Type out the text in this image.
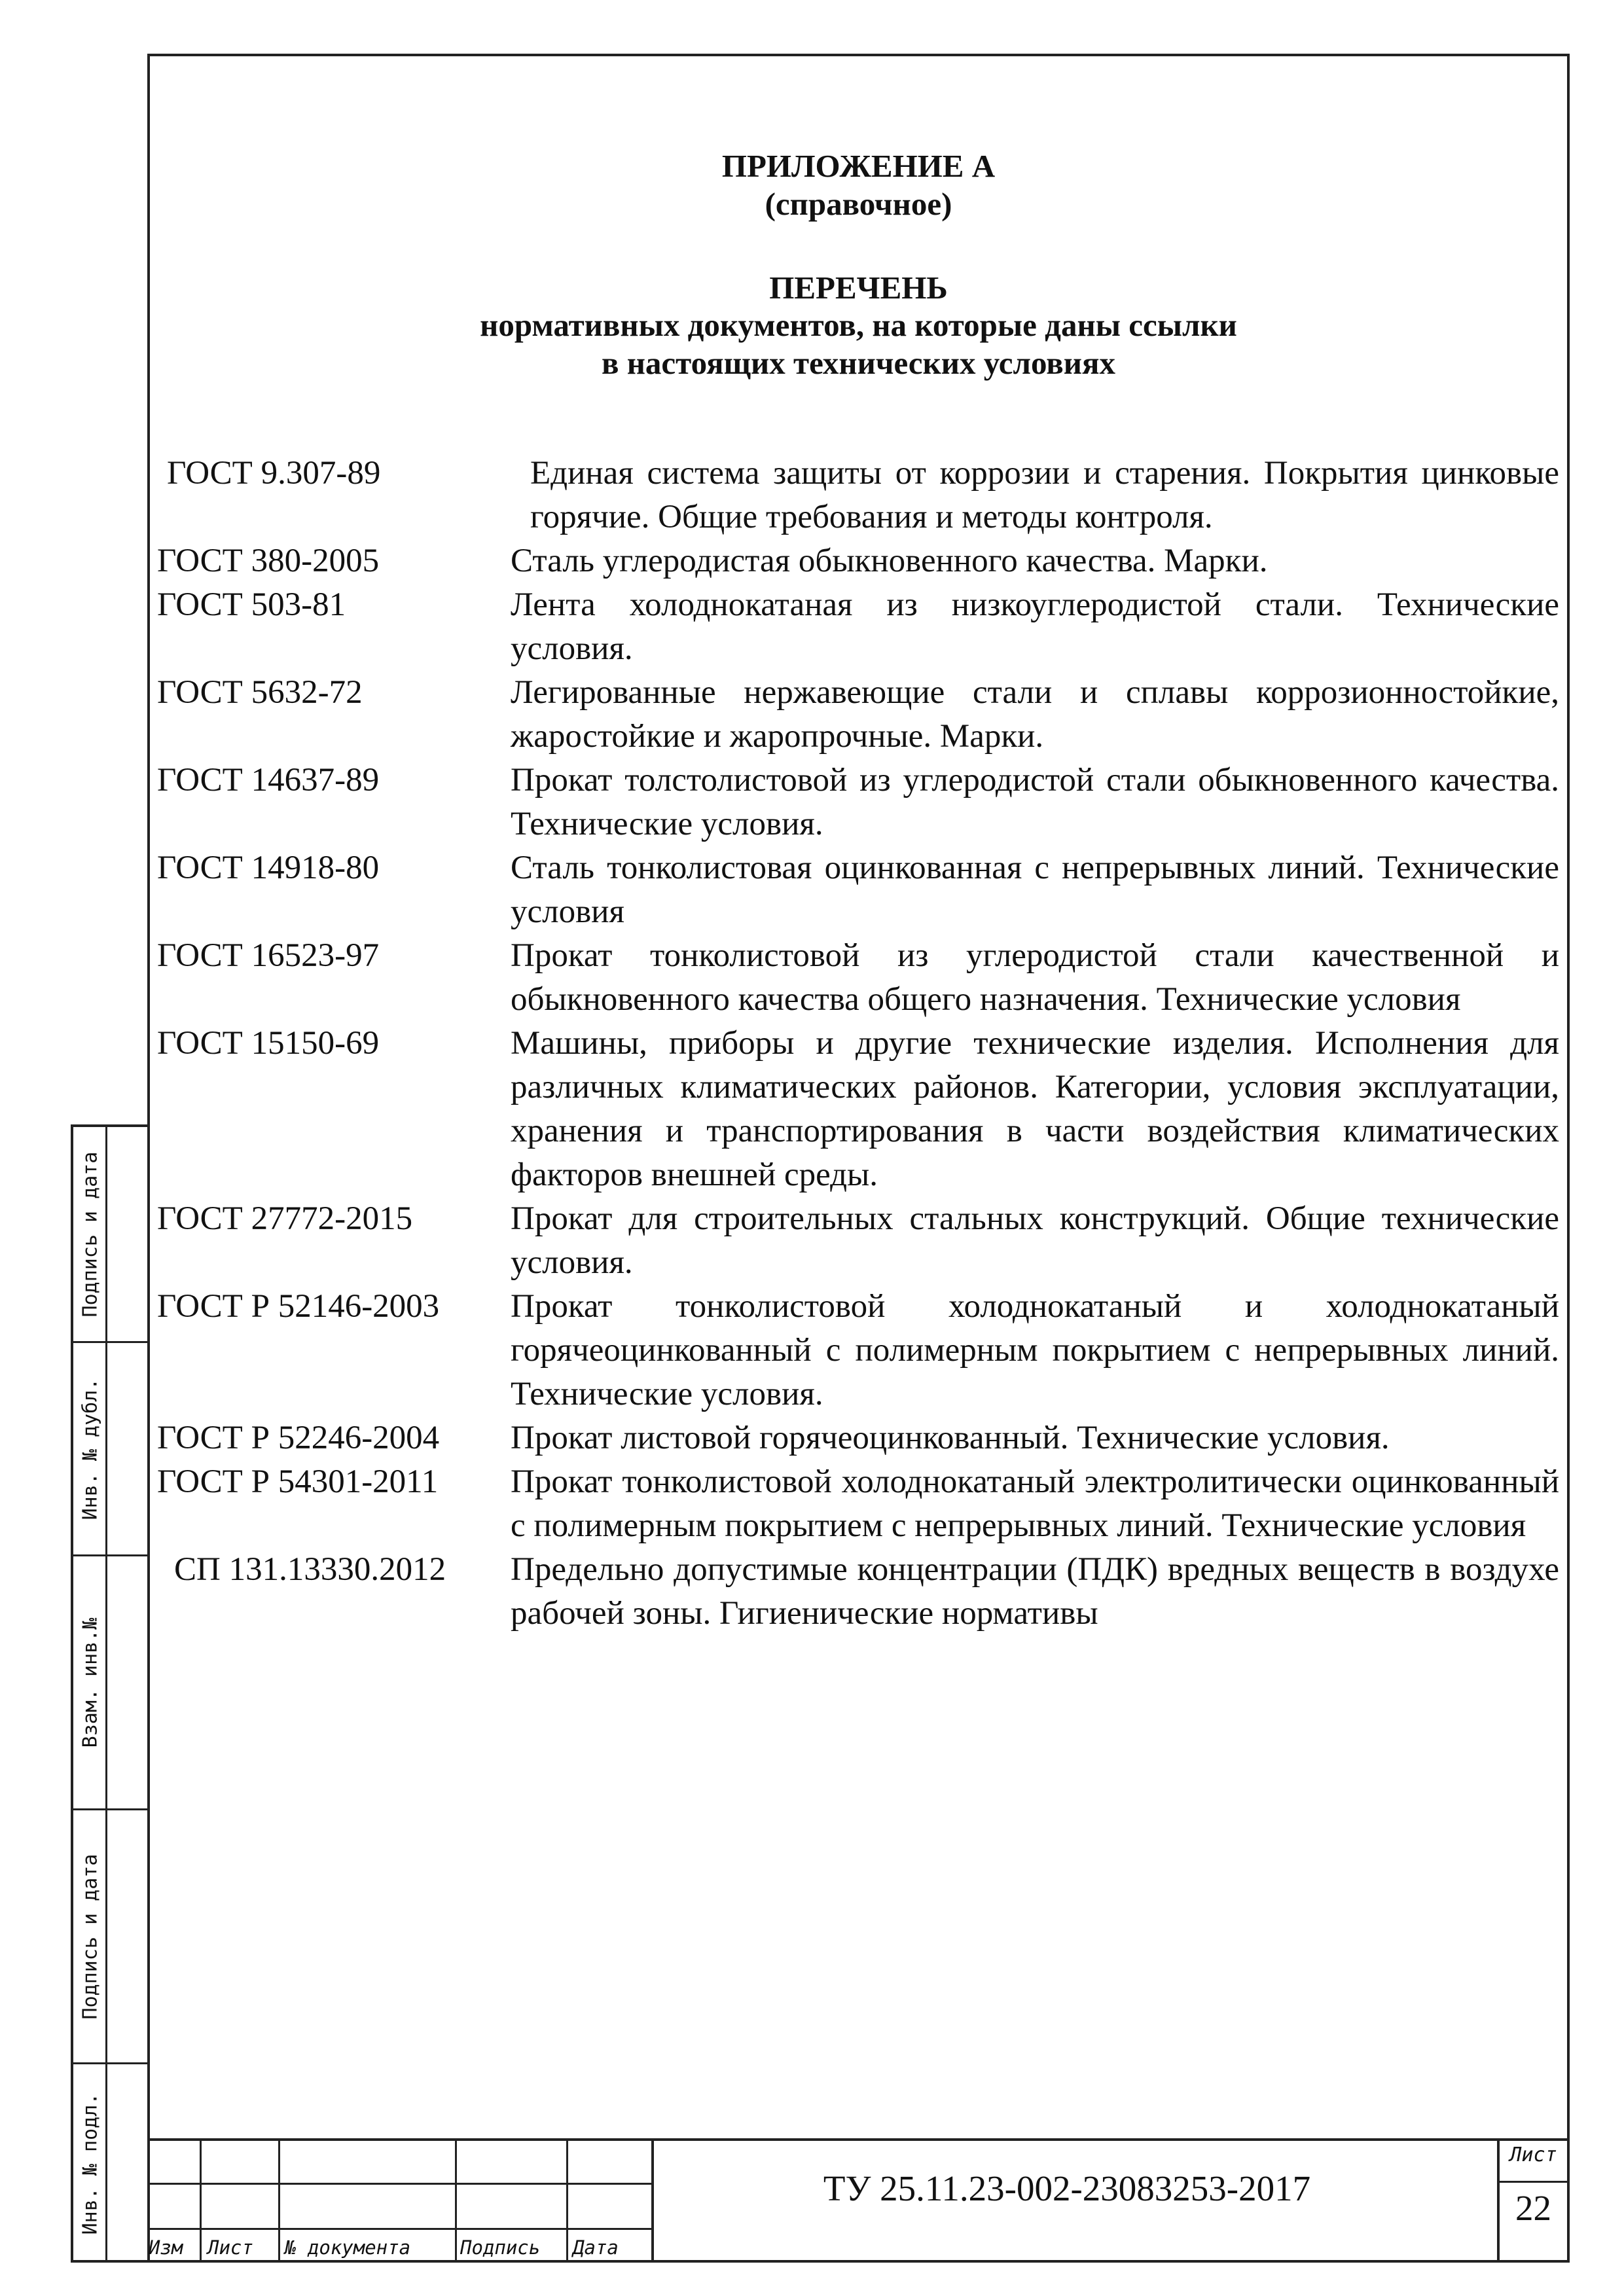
ПРИЛОЖЕНИЕ А
(справочное)
ПЕРЕЧЕНЬ
нормативных документов, на которые даны ссылки
в настоящих технических условиях
ГОСТ 9.307-89	Единая система защиты от коррозии и старения. Покрытия цинковые горячие. Общие требования и методы контроля.
ГОСТ 380-2005	Сталь углеродистая обыкновенного качества. Марки.
ГОСТ 503-81	Лента холоднокатаная из низкоуглеродистой стали. Технические условия.
ГОСТ 5632-72	Легированные нержавеющие стали и сплавы коррозионностойкие, жаростойкие и жаропрочные. Марки.
ГОСТ 14637-89	Прокат толстолистовой из углеродистой стали обыкновенного качества. Технические условия.
ГОСТ 14918-80	Сталь тонколистовая оцинкованная с непрерывных линий. Технические условия
ГОСТ 16523-97	Прокат тонколистовой из углеродистой стали качественной и обыкновенного качества общего назначения. Технические условия
ГОСТ 15150-69	Машины, приборы и другие технические изделия. Исполнения для различных климатических районов. Категории, условия эксплуатации, хранения и транспортирования в части воздействия климатических факторов внешней среды.
ГОСТ 27772-2015	Прокат для строительных стальных конструкций. Общие технические условия.
ГОСТ Р 52146-2003	Прокат тонколистовой холоднокатаный и холоднокатаный горячеоцинкованный с полимерным покрытием с непрерывных линий. Технические условия.
ГОСТ Р 52246-2004	Прокат листовой горячеоцинкованный. Технические условия.
ГОСТ Р 54301-2011	Прокат тонколистовой холоднокатаный электролитически оцинкованный с полимерным покрытием с непрерывных линий. Технические условия
СП 131.13330.2012	Предельно допустимые концентрации (ПДК) вредных веществ в воздухе рабочей зоны. Гигиенические нормативы
Подпись и дата
Инв. № дубл.
Взам. инв.№
Подпись и дата
Инв. № подл.
Изм Лист № документа	Подпись Дата
ТУ 25.11.23-002-23083253-2017
Лист
22
